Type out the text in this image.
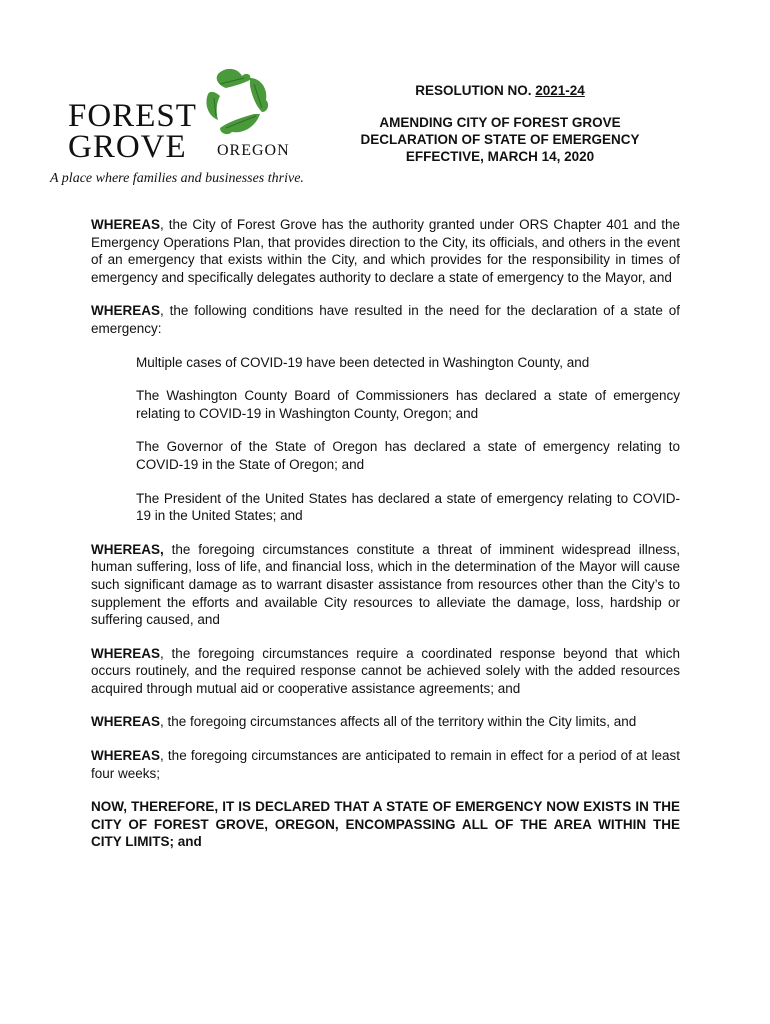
FOREST
GROVE OREGON
A place where families and businesses thrive.
RESOLUTION NO. 2021-24
AMENDING CITY OF FOREST GROVE
DECLARATION OF STATE OF EMERGENCY
EFFECTIVE, MARCH 14, 2020

WHEREAS, the City of Forest Grove has the authority granted under ORS Chapter 401 and the Emergency Operations Plan, that provides direction to the City, its officials, and others in the event of an emergency that exists within the City, and which provides for the responsibility in times of emergency and specifically delegates authority to declare a state of emergency to the Mayor, and

WHEREAS, the following conditions have resulted in the need for the declaration of a state of emergency:

Multiple cases of COVID-19 have been detected in Washington County, and

The Washington County Board of Commissioners has declared a state of emergency relating to COVID-19 in Washington County, Oregon; and

The Governor of the State of Oregon has declared a state of emergency relating to COVID-19 in the State of Oregon; and

The President of the United States has declared a state of emergency relating to COVID-19 in the United States; and

WHEREAS, the foregoing circumstances constitute a threat of imminent widespread illness, human suffering, loss of life, and financial loss, which in the determination of the Mayor will cause such significant damage as to warrant disaster assistance from resources other than the City’s to supplement the efforts and available City resources to alleviate the damage, loss, hardship or suffering caused, and

WHEREAS, the foregoing circumstances require a coordinated response beyond that which occurs routinely, and the required response cannot be achieved solely with the added resources acquired through mutual aid or cooperative assistance agreements; and

WHEREAS, the foregoing circumstances affects all of the territory within the City limits, and

WHEREAS, the foregoing circumstances are anticipated to remain in effect for a period of at least four weeks;

NOW, THEREFORE, IT IS DECLARED THAT A STATE OF EMERGENCY NOW EXISTS IN THE CITY OF FOREST GROVE, OREGON, ENCOMPASSING ALL OF THE AREA WITHIN THE CITY LIMITS; and
